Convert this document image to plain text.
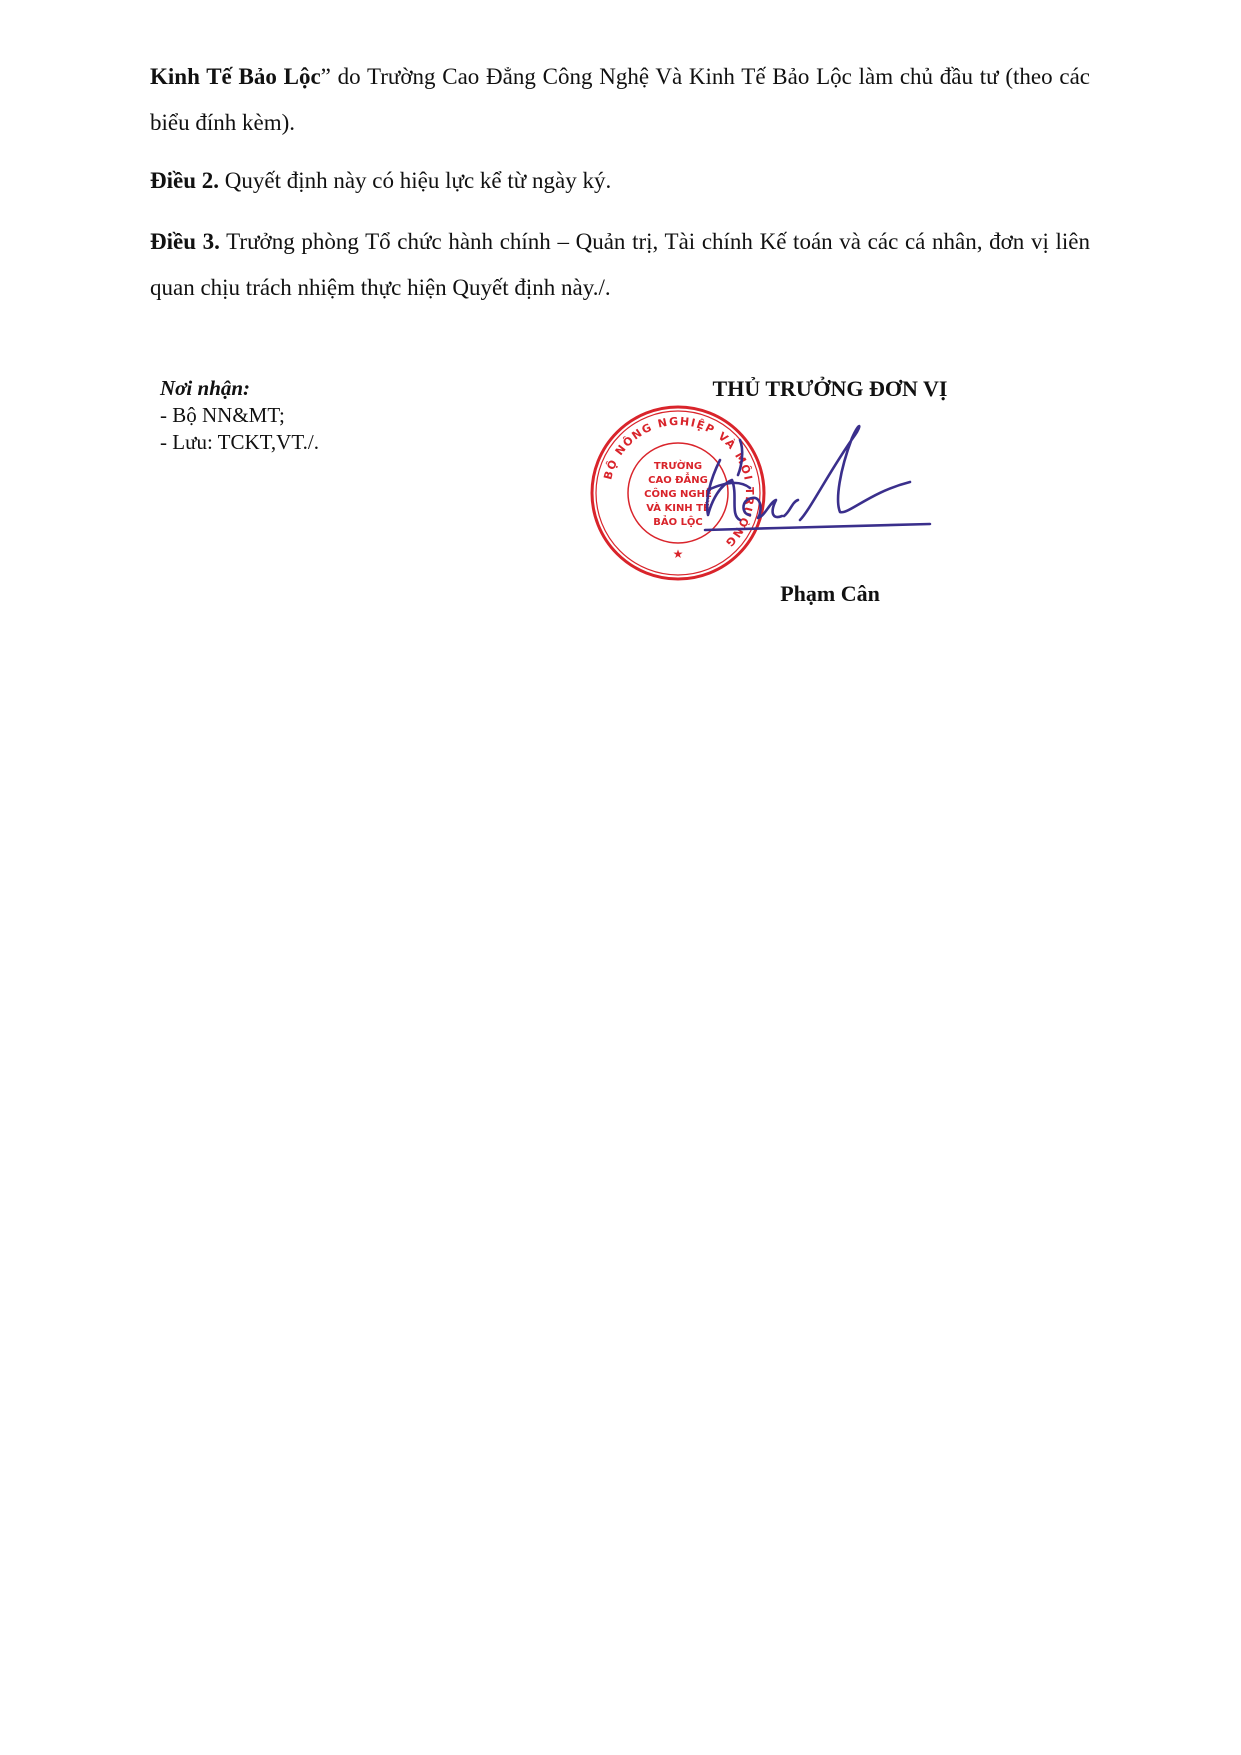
Kinh Tế Bảo Lộc” do Trường Cao Đẳng Công Nghệ Và Kinh Tế Bảo Lộc làm chủ đầu tư (theo các biểu đính kèm).

Điều 2. Quyết định này có hiệu lực kể từ ngày ký.

Điều 3. Trưởng phòng Tổ chức hành chính – Quản trị, Tài chính Kế toán và các cá nhân, đơn vị liên quan chịu trách nhiệm thực hiện Quyết định này./.

Nơi nhận:
- Bộ NN&MT;
- Lưu: TCKT,VT./.
THỦ TRƯỞNG ĐƠN VỊ
BỘ NÔNG NGHIỆP VÀ MÔI TRƯỜNG
★
TRƯỜNG
CAO ĐẲNG
CÔNG NGHỆ
VÀ KINH TẾ
BẢO LỘC
Phạm Cân
